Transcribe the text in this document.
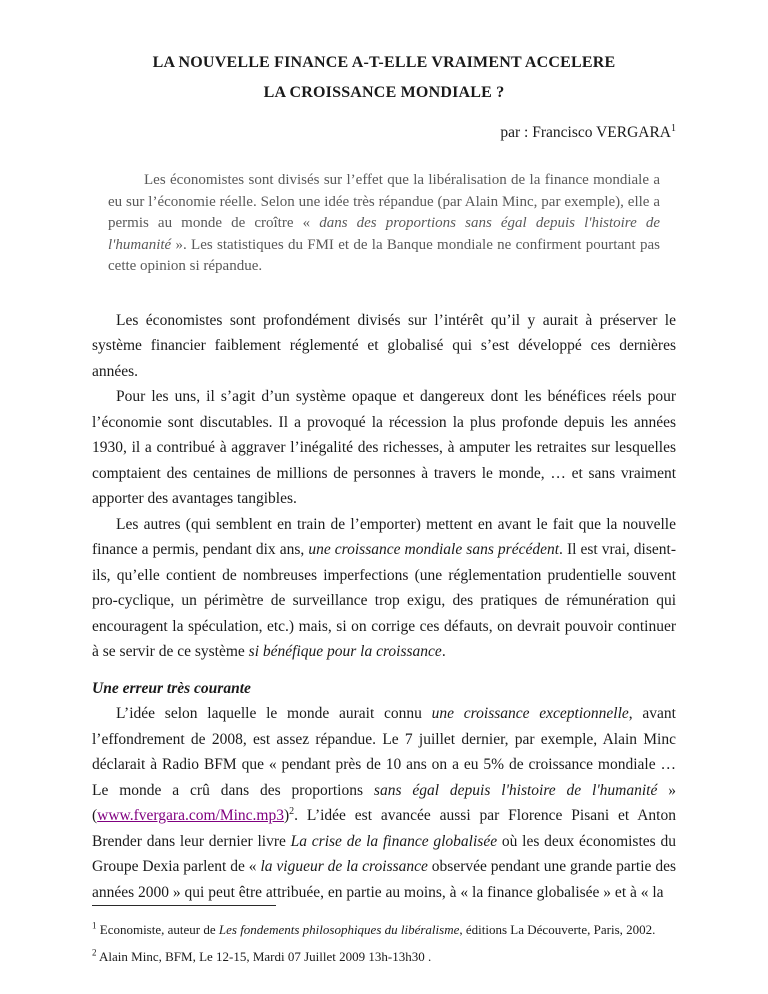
LA NOUVELLE FINANCE A-T-ELLE VRAIMENT ACCELERE
LA CROISSANCE MONDIALE ?

par : Francisco VERGARA$^1$

Les économistes sont divisés sur l’effet que la libéralisation de la finance mondiale a eu sur l’économie réelle. Selon une idée très répandue (par Alain Minc, par exemple), elle a permis au monde de croître « dans des proportions sans égal depuis l'histoire de l'humanité ». Les statistiques du FMI et de la Banque mondiale ne confirment pourtant pas cette opinion si répandue.

Les économistes sont profondément divisés sur l’intérêt qu’il y aurait à préserver le système financier faiblement réglementé et globalisé qui s’est développé ces dernières années.

Pour les uns, il s’agit d’un système opaque et dangereux dont les bénéfices réels pour l’économie sont discutables. Il a provoqué la récession la plus profonde depuis les années 1930, il a contribué à aggraver l’inégalité des richesses, à amputer les retraites sur lesquelles comptaient des centaines de millions de personnes à travers le monde, … et sans vraiment apporter des avantages tangibles.

Les autres (qui semblent en train de l’emporter) mettent en avant le fait que la nouvelle finance a permis, pendant dix ans, une croissance mondiale sans précédent. Il est vrai, disent-ils, qu’elle contient de nombreuses imperfections (une réglementation prudentielle souvent pro-cyclique, un périmètre de surveillance trop exigu, des pratiques de rémunération qui encouragent la spéculation, etc.) mais, si on corrige ces défauts, on devrait pouvoir continuer à se servir de ce système si bénéfique pour la croissance.

Une erreur très courante

L’idée selon laquelle le monde aurait connu une croissance exceptionnelle, avant l’effondrement de 2008, est assez répandue. Le 7 juillet dernier, par exemple, Alain Minc déclarait à Radio BFM que « pendant près de 10 ans on a eu 5% de croissance mondiale … Le monde a crû dans des proportions sans égal depuis l'histoire de l'humanité » (www.fvergara.com/Minc.mp3)$^2$. L’idée est avancée aussi par Florence Pisani et Anton Brender dans leur dernier livre La crise de la finance globalisée où les deux économistes du Groupe Dexia parlent de « la vigueur de la croissance observée pendant une grande partie des années 2000 » qui peut être attribuée, en partie au moins, à « la finance globalisée » et à « la

$^1$ Economiste, auteur de Les fondements philosophiques du libéralisme, éditions La Découverte, Paris, 2002.

$^2$ Alain Minc, BFM, Le 12-15, Mardi 07 Juillet 2009 13h-13h30 .
